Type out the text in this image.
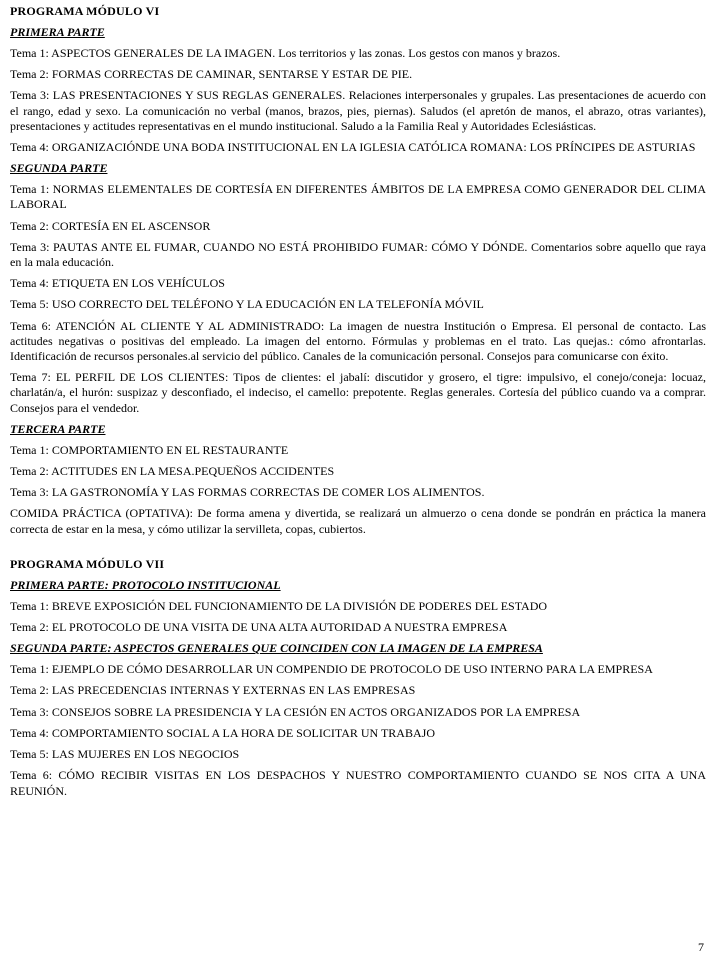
PROGRAMA MÓDULO VI
PRIMERA PARTE
Tema 1: ASPECTOS GENERALES DE LA IMAGEN. Los territorios y las zonas. Los gestos con manos y brazos.
Tema 2: FORMAS CORRECTAS DE CAMINAR, SENTARSE Y ESTAR DE PIE.
Tema 3: LAS PRESENTACIONES Y SUS REGLAS GENERALES. Relaciones interpersonales y grupales. Las presentaciones de acuerdo con el rango, edad y sexo. La comunicación no verbal (manos, brazos, pies, piernas). Saludos (el apretón de manos, el abrazo, otras variantes), presentaciones y actitudes representativas en el mundo institucional. Saludo a la Familia Real y Autoridades Eclesiásticas.
Tema 4: ORGANIZACIÓNDE UNA BODA INSTITUCIONAL EN LA IGLESIA CATÓLICA ROMANA: LOS PRÍNCIPES DE ASTURIAS
SEGUNDA PARTE
Tema 1: NORMAS ELEMENTALES DE CORTESÍA EN DIFERENTES ÁMBITOS DE LA EMPRESA COMO GENERADOR DEL CLIMA LABORAL
Tema 2: CORTESÍA EN EL ASCENSOR
Tema 3: PAUTAS ANTE EL FUMAR, CUANDO NO ESTÁ PROHIBIDO FUMAR: CÓMO Y DÓNDE. Comentarios sobre aquello que raya en la mala educación.
Tema 4: ETIQUETA EN LOS VEHÍCULOS
Tema 5: USO CORRECTO DEL TELÉFONO Y LA EDUCACIÓN EN LA TELEFONÍA MÓVIL
Tema 6: ATENCIÓN AL CLIENTE Y AL ADMINISTRADO: La imagen de nuestra Institución o Empresa. El personal de contacto. Las actitudes negativas o positivas del empleado. La imagen del entorno. Fórmulas y problemas en el trato. Las quejas.: cómo afrontarlas. Identificación de recursos personales.al servicio del público. Canales de la comunicación personal. Consejos para comunicarse con éxito.
Tema 7: EL PERFIL DE LOS CLIENTES: Tipos de clientes: el jabalí: discutidor y grosero, el tigre: impulsivo, el conejo/coneja: locuaz, charlatán/a, el hurón: suspizaz y desconfiado, el indeciso, el camello: prepotente. Reglas generales. Cortesía del público cuando va a comprar. Consejos para el vendedor.
TERCERA PARTE
Tema 1: COMPORTAMIENTO EN EL RESTAURANTE
Tema 2: ACTITUDES EN LA MESA.PEQUEÑOS ACCIDENTES
Tema 3: LA GASTRONOMÍA Y LAS FORMAS CORRECTAS DE COMER LOS ALIMENTOS.
COMIDA PRÁCTICA (OPTATIVA): De forma amena y divertida, se realizará un almuerzo o cena donde se pondrán en práctica la manera correcta de estar en la mesa, y cómo utilizar la servilleta, copas, cubiertos.
PROGRAMA MÓDULO VII
PRIMERA PARTE: PROTOCOLO INSTITUCIONAL
Tema 1: BREVE EXPOSICIÓN DEL FUNCIONAMIENTO DE LA DIVISIÓN DE PODERES DEL ESTADO
Tema 2: EL PROTOCOLO DE UNA VISITA DE UNA ALTA AUTORIDAD A NUESTRA EMPRESA
SEGUNDA PARTE: ASPECTOS GENERALES QUE COINCIDEN CON LA IMAGEN DE LA EMPRESA
Tema 1: EJEMPLO DE CÓMO DESARROLLAR UN COMPENDIO DE PROTOCOLO DE USO INTERNO PARA LA EMPRESA
Tema 2: LAS PRECEDENCIAS INTERNAS Y EXTERNAS EN LAS EMPRESAS
Tema 3: CONSEJOS SOBRE LA PRESIDENCIA Y LA CESIÓN EN ACTOS ORGANIZADOS POR LA EMPRESA
Tema 4: COMPORTAMIENTO SOCIAL A LA HORA DE SOLICITAR UN TRABAJO
Tema 5: LAS MUJERES EN LOS NEGOCIOS
Tema 6: CÓMO RECIBIR VISITAS EN LOS DESPACHOS Y NUESTRO COMPORTAMIENTO CUANDO SE NOS CITA A UNA REUNIÓN.
7
